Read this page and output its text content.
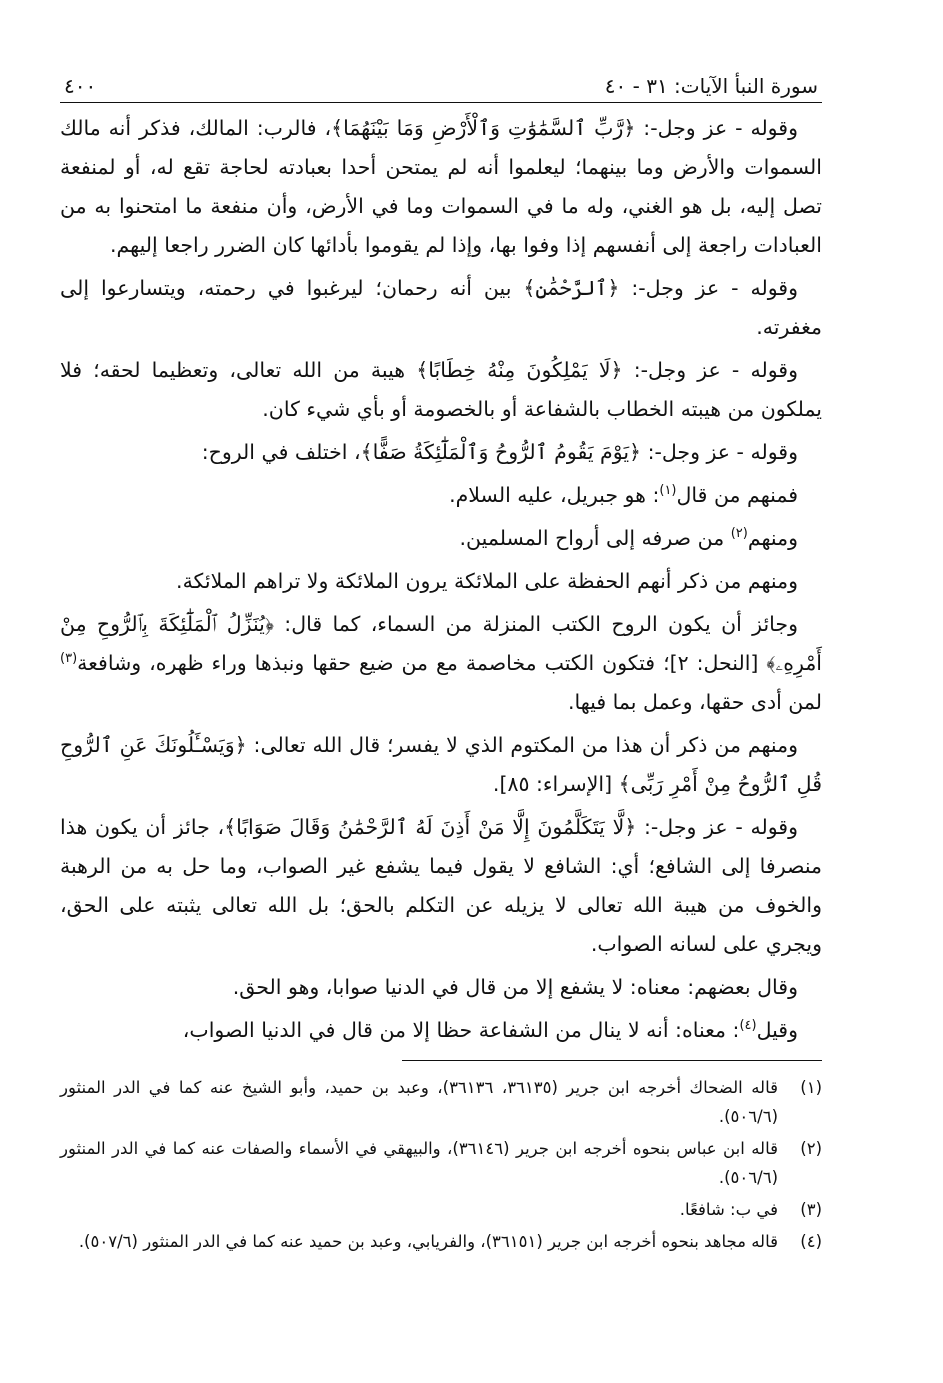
سورة النبأ الآيات: ٣١ - ٤٠
٤٠٠

وقوله - عز وجل-: ﴿رَّبِّ ٱلسَّمَٰوَٰتِ وَٱلْأَرْضِ وَمَا بَيْنَهُمَا﴾، فالرب: المالك، فذكر أنه مالك السموات والأرض وما بينهما؛ ليعلموا أنه لم يمتحن أحدا بعبادته لحاجة تقع له، أو لمنفعة تصل إليه، بل هو الغني، وله ما في السموات وما في الأرض، وأن منفعة ما امتحنوا به من العبادات راجعة إلى أنفسهم إذا وفوا بها، وإذا لم يقوموا بأدائها كان الضرر راجعا إليهم.

وقوله - عز وجل-: ﴿ٱلرَّحْمَٰنِ﴾ بين أنه رحمان؛ ليرغبوا في رحمته، ويتسارعوا إلى مغفرته.

وقوله - عز وجل-: ﴿لَا يَمْلِكُونَ مِنْهُ خِطَابًا﴾ هيبة من الله تعالى، وتعظيما لحقه؛ فلا يملكون من هيبته الخطاب بالشفاعة أو بالخصومة أو بأي شيء كان.

وقوله - عز وجل-: ﴿يَوْمَ يَقُومُ ٱلرُّوحُ وَٱلْمَلَٰٓئِكَةُ صَفًّا﴾، اختلف في الروح:

فمنهم من قال$^{(١)}$: هو جبريل، عليه السلام.

ومنهم$^{(٢)}$ من صرفه إلى أرواح المسلمين.

ومنهم من ذكر أنهم الحفظة على الملائكة يرون الملائكة ولا تراهم الملائكة.

وجائز أن يكون الروح الكتب المنزلة من السماء، كما قال: ﴿يُنَزِّلُ ٱلْمَلَٰٓئِكَةَ بِٱلرُّوحِ مِنْ أَمْرِهِۦ﴾ [النحل: ٢]؛ فتكون الكتب مخاصمة مع من ضيع حقها ونبذها وراء ظهره، وشافعة$^{(٣)}$ لمن أدى حقها، وعمل بما فيها.

ومنهم من ذكر أن هذا من المكتوم الذي لا يفسر؛ قال الله تعالى: ﴿وَيَسْـَٔلُونَكَ عَنِ ٱلرُّوحِ قُلِ ٱلرُّوحُ مِنْ أَمْرِ رَبِّى﴾ [الإسراء: ٨٥].

وقوله - عز وجل-: ﴿لَّا يَتَكَلَّمُونَ إِلَّا مَنْ أَذِنَ لَهُ ٱلرَّحْمَٰنُ وَقَالَ صَوَابًا﴾، جائز أن يكون هذا منصرفا إلى الشافع؛ أي: الشافع لا يقول فيما يشفع غير الصواب، وما حل به من الرهبة والخوف من هيبة الله تعالى لا يزيله عن التكلم بالحق؛ بل الله تعالى يثبته على الحق، ويجري على لسانه الصواب.

وقال بعضهم: معناه: لا يشفع إلا من قال في الدنيا صوابا، وهو الحق.

وقيل$^{(٤)}$: معناه: أنه لا ينال من الشفاعة حظا إلا من قال في الدنيا الصواب،

(١)
قاله الضحاك أخرجه ابن جرير (٣٦١٣٥، ٣٦١٣٦)، وعبد بن حميد، وأبو الشيخ عنه كما في الدر المنثور (٥٠٦/٦).
(٢)
قاله ابن عباس بنحوه أخرجه ابن جرير (٣٦١٤٦)، والبيهقي في الأسماء والصفات عنه كما في الدر المنثور (٥٠٦/٦).
(٣)
في ب: شافعًا.
(٤)
قاله مجاهد بنحوه أخرجه ابن جرير (٣٦١٥١)، والفريابي، وعبد بن حميد عنه كما في الدر المنثور (٥٠٧/٦).
